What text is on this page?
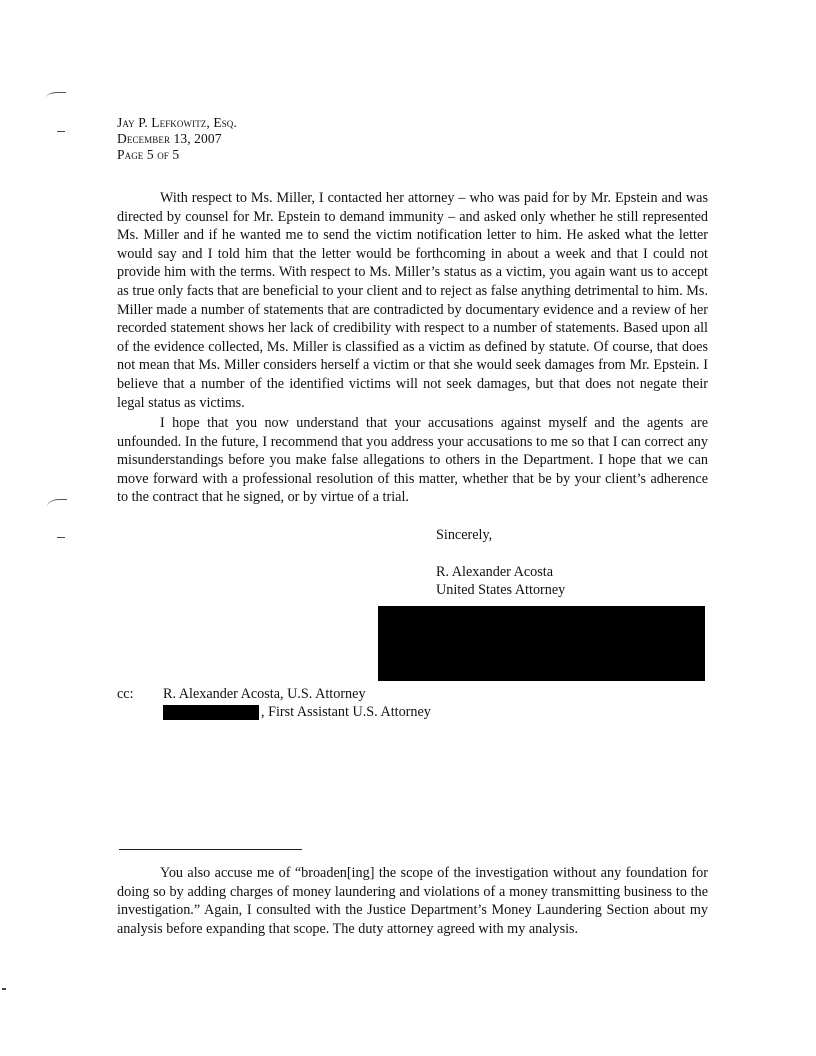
Jay P. Lefkowitz, Esq.
December 13, 2007
Page 5 of 5

With respect to Ms. Miller, I contacted her attorney – who was paid for by Mr. Epstein and was directed by counsel for Mr. Epstein to demand immunity – and asked only whether he still represented Ms. Miller and if he wanted me to send the victim notification letter to him. He asked what the letter would say and I told him that the letter would be forthcoming in about a week and that I could not provide him with the terms. With respect to Ms. Miller’s status as a victim, you again want us to accept as true only facts that are beneficial to your client and to reject as false anything detrimental to him. Ms. Miller made a number of statements that are contradicted by documentary evidence and a review of her recorded statement shows her lack of credibility with respect to a number of statements. Based upon all of the evidence collected, Ms. Miller is classified as a victim as defined by statute. Of course, that does not mean that Ms. Miller considers herself a victim or that she would seek damages from Mr. Epstein. I believe that a number of the identified victims will not seek damages, but that does not negate their legal status as victims.

I hope that you now understand that your accusations against myself and the agents are unfounded. In the future, I recommend that you address your accusations to me so that I can correct any misunderstandings before you make false allegations to others in the Department. I hope that we can move forward with a professional resolution of this matter, whether that be by your client’s adherence to the contract that he signed, or by virtue of a trial.

Sincerely,
R. Alexander Acosta
United States Attorney
cc: R. Alexander Acosta, U.S. Attorney
, First Assistant U.S. Attorney

You also accuse me of “broaden[ing] the scope of the investigation without any foundation for doing so by adding charges of money laundering and violations of a money transmitting business to the investigation.” Again, I consulted with the Justice Department’s Money Laundering Section about my analysis before expanding that scope. The duty attorney agreed with my analysis.
